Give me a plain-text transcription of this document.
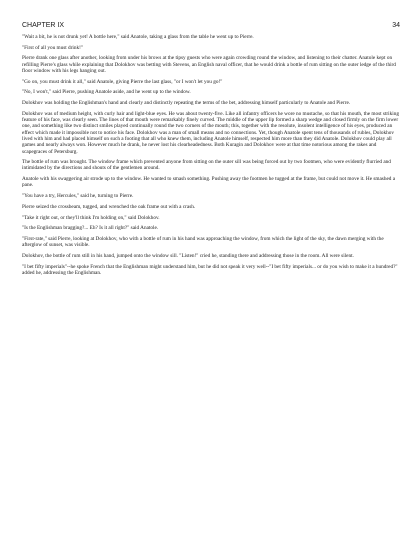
CHAPTER IX	34

"Wait a bit, he is not drunk yet! A bottle here," said Anatole, taking a glass from the table he went up to Pierre.

"First of all you must drink!"

Pierre drank one glass after another, looking from under his brows at the tipsy guests who were again crowding round the window, and listening to their chatter. Anatole kept on refilling Pierre's glass while explaining that Dolokhov was betting with Stevens, an English naval officer, that he would drink a bottle of rum sitting on the outer ledge of the third floor window with his legs hanging out.

"Go on, you must drink it all," said Anatole, giving Pierre the last glass, "or I won't let you go!"

"No, I won't," said Pierre, pushing Anatole aside, and he went up to the window.

Dolokhov was holding the Englishman's hand and clearly and distinctly repeating the terms of the bet, addressing himself particularly to Anatole and Pierre.

Dolokhov was of medium height, with curly hair and light-blue eyes. He was about twenty-five. Like all infantry officers he wore no mustache, so that his mouth, the most striking feature of his face, was clearly seen. The lines of that mouth were remarkably finely curved. The middle of the upper lip formed a sharp wedge and closed firmly on the firm lower one, and something like two distinct smiles played continually round the two corners of the mouth; this, together with the resolute, insolent intelligence of his eyes, produced an effect which made it impossible not to notice his face. Dolokhov was a man of small means and no connections. Yet, though Anatole spent tens of thousands of rubles, Dolokhov lived with him and had placed himself on such a footing that all who knew them, including Anatole himself, respected him more than they did Anatole. Dolokhov could play all games and nearly always won. However much he drank, he never lost his clearheadedness. Both Kuragin and Dolokhov were at that time notorious among the rakes and scapegraces of Petersburg.

The bottle of rum was brought. The window frame which prevented anyone from sitting on the outer sill was being forced out by two footmen, who were evidently flurried and intimidated by the directions and shouts of the gentlemen around.

Anatole with his swaggering air strode up to the window. He wanted to smash something. Pushing away the footmen he tugged at the frame, but could not move it. He smashed a pane.

"You have a try, Hercules," said he, turning to Pierre.

Pierre seized the crossbeam, tugged, and wrenched the oak frame out with a crash.

"Take it right out, or they'll think I'm holding on," said Dolokhov.

"Is the Englishman bragging?... Eh? Is it all right?" said Anatole.

"First-rate," said Pierre, looking at Dolokhov, who with a bottle of rum in his hand was approaching the window, from which the light of the sky, the dawn merging with the afterglow of sunset, was visible.

Dolokhov, the bottle of rum still in his hand, jumped onto the window sill. "Listen!" cried he, standing there and addressing those in the room. All were silent.

"I bet fifty imperials"--he spoke French that the Englishman might understand him, but he did not speak it very well--"I bet fifty imperials... or do you wish to make it a hundred?" added he, addressing the Englishman.
